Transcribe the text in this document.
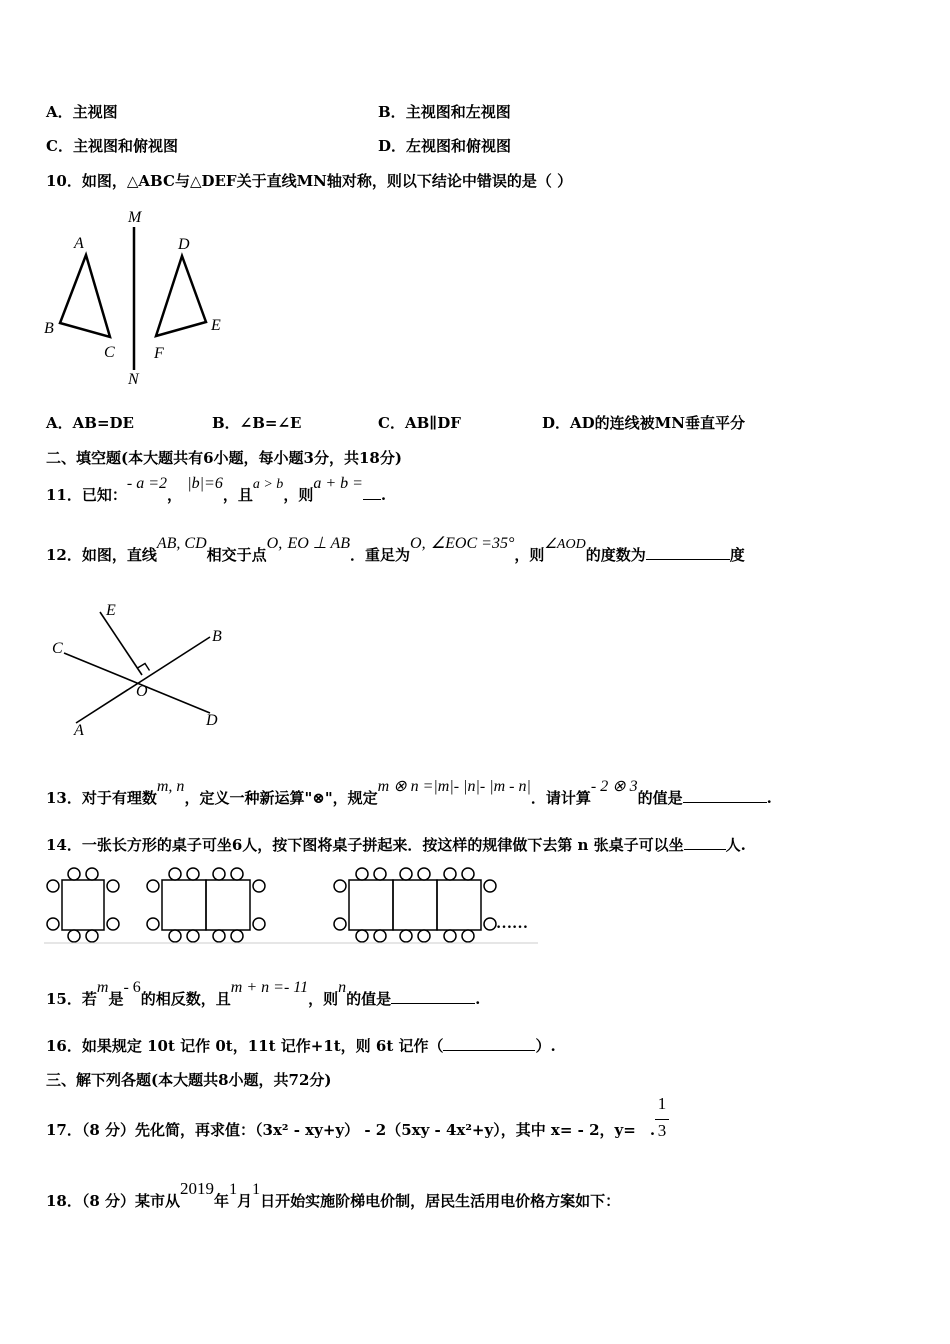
A．主视图	B．主视图和左视图
C．主视图和俯视图	D．左视图和俯视图
10．如图，△ABC与△DEF关于直线MN轴对称，则以下结论中错误的是（ ）
M
N
A
B
C
D
E
F
A．AB=DE	B．∠B=∠E	C．AB∥DF	D．AD的连线被MN垂直平分
二、填空题(本大题共有6小题，每小题3分，共18分)
11．已知：- a =2， |b|=6，且a > b，则a + b =.
12．如图，直线AB, CD相交于点O, EO ⊥ AB．重足为O, ∠EOC =35°，则∠AOD的度数为	度
E
C
B
O
A
D
13．对于有理数m, n，定义一种新运算"⊗"，规定m ⊗ n =|m|- |n|- |m - n|．请计算- 2 ⊗ 3的值是	.
14．一张长方形的桌子可坐6人，按下图将桌子拼起来．按这样的规律做下去第 n 张桌子可以坐	人.
……
15．若m是- 6的相反数，且m + n =- 11，则n的值是	.
16．如果规定 10t 记作 0t，11t 记作+1t，则 6t 记作（	）.
三、解下列各题(本大题共8小题，共72分)
17．（8 分）先化简，再求值：（3x² - xy+y） - 2（5xy - 4x²+y），其中 x= - 2，y= .
1
3
18．（8 分）某市从2019年1月1日开始实施阶梯电价制，居民生活用电价格方案如下：
